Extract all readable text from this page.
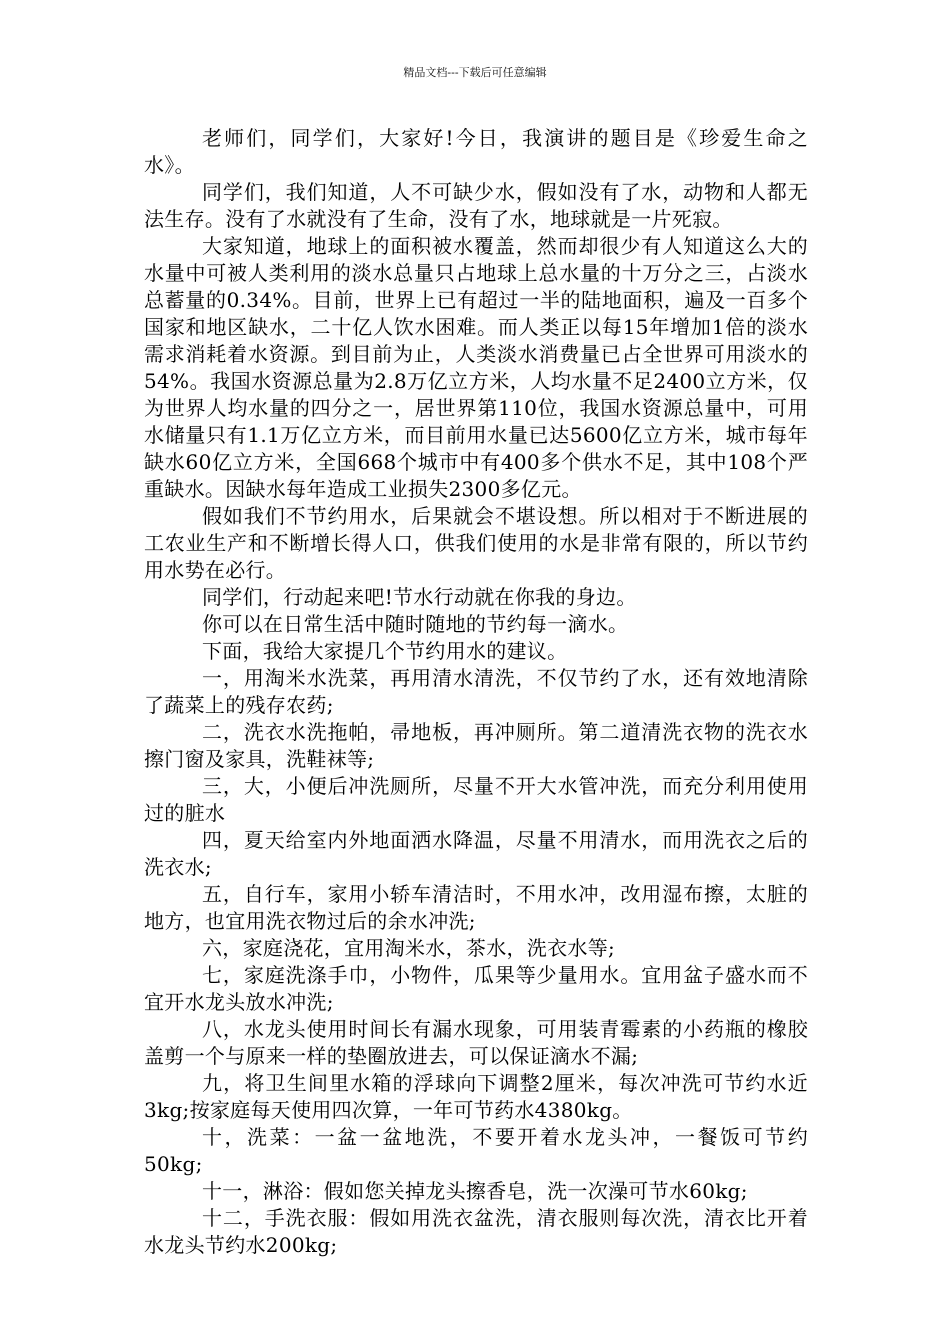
精品文档---下载后可任意编辑

老师们，同学们，大家好!今日，我演讲的题目是《珍爱生命之水》。

同学们，我们知道，人不可缺少水，假如没有了水，动物和人都无法生存。没有了水就没有了生命，没有了水，地球就是一片死寂。

大家知道，地球上的面积被水覆盖，然而却很少有人知道这么大的水量中可被人类利用的淡水总量只占地球上总水量的十万分之三，占淡水总蓄量的0.34%。目前，世界上已有超过一半的陆地面积，遍及一百多个国家和地区缺水，二十亿人饮水困难。而人类正以每15年增加1倍的淡水需求消耗着水资源。到目前为止，人类淡水消费量已占全世界可用淡水的54%。我国水资源总量为2.8万亿立方米，人均水量不足2400立方米，仅为世界人均水量的四分之一，居世界第110位，我国水资源总量中，可用水储量只有1.1万亿立方米，而目前用水量已达5600亿立方米，城市每年缺水60亿立方米，全国668个城市中有400多个供水不足，其中108个严重缺水。因缺水每年造成工业损失2300多亿元。

假如我们不节约用水，后果就会不堪设想。所以相对于不断进展的工农业生产和不断增长得人口，供我们使用的水是非常有限的，所以节约用水势在必行。

同学们，行动起来吧!节水行动就在你我的身边。

你可以在日常生活中随时随地的节约每一滴水。

下面，我给大家提几个节约用水的建议。

一，用淘米水洗菜，再用清水清洗，不仅节约了水，还有效地清除了蔬菜上的残存农药;

二，洗衣水洗拖帕，帚地板，再冲厕所。第二道清洗衣物的洗衣水擦门窗及家具，洗鞋袜等;

三，大，小便后冲洗厕所，尽量不开大水管冲洗，而充分利用使用过的脏水

四，夏天给室内外地面洒水降温，尽量不用清水，而用洗衣之后的洗衣水;

五，自行车，家用小轿车清洁时，不用水冲，改用湿布擦，太脏的地方，也宜用洗衣物过后的余水冲洗;

六，家庭浇花，宜用淘米水，茶水，洗衣水等;

七，家庭洗涤手巾，小物件，瓜果等少量用水。宜用盆子盛水而不宜开水龙头放水冲洗;

八，水龙头使用时间长有漏水现象，可用装青霉素的小药瓶的橡胶盖剪一个与原来一样的垫圈放进去，可以保证滴水不漏;

九，将卫生间里水箱的浮球向下调整2厘米，每次冲洗可节约水近3kg;按家庭每天使用四次算，一年可节药水4380kg。

十，洗菜：一盆一盆地洗，不要开着水龙头冲，一餐饭可节约50kg;

十一，淋浴：假如您关掉龙头擦香皂，洗一次澡可节水60kg;

十二，手洗衣服：假如用洗衣盆洗，清衣服则每次洗，清衣比开着水龙头节约水200kg;
